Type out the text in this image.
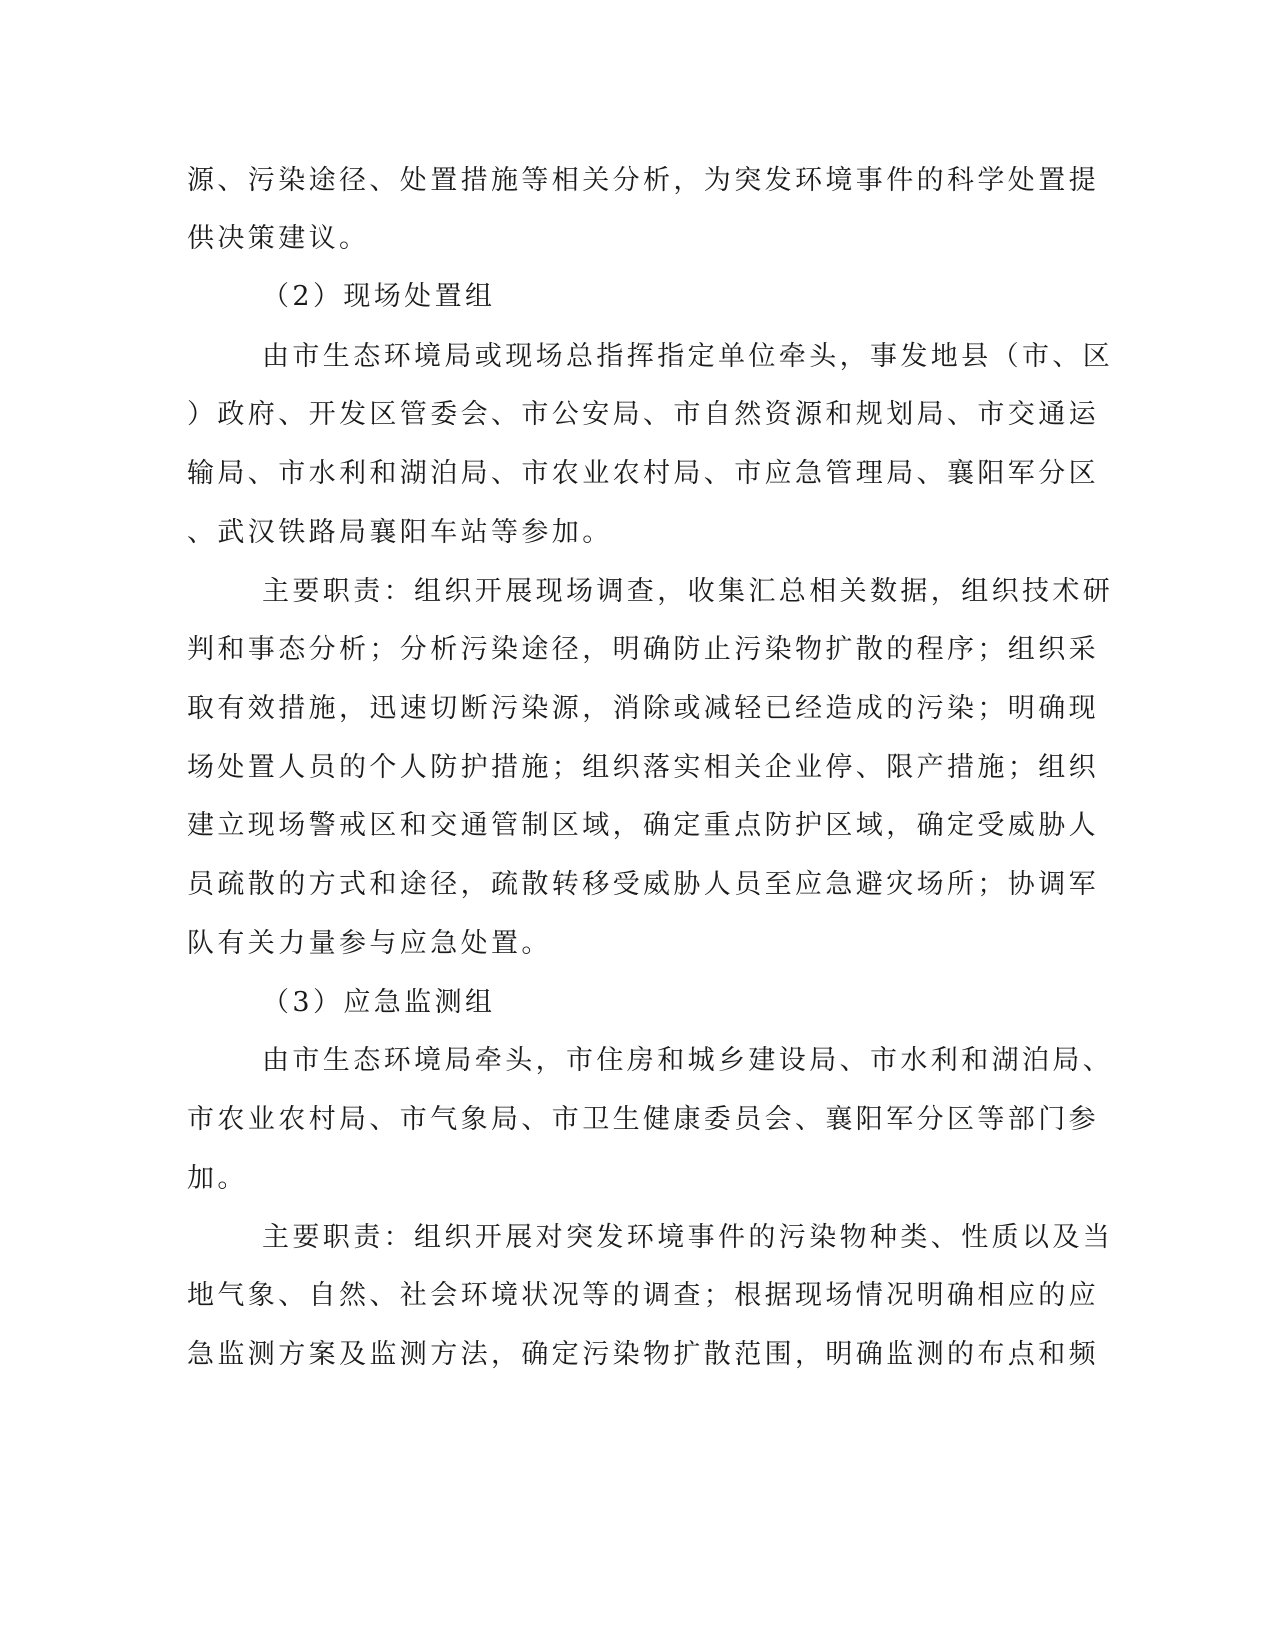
源、污染途径、处置措施等相关分析，为突发环境事件的科学处置提

供决策建议。

（2）现场处置组

由市生态环境局或现场总指挥指定单位牵头，事发地县（市、区

）政府、开发区管委会、市公安局、市自然资源和规划局、市交通运

输局、市水利和湖泊局、市农业农村局、市应急管理局、襄阳军分区

、武汉铁路局襄阳车站等参加。

主要职责：组织开展现场调查，收集汇总相关数据，组织技术研

判和事态分析；分析污染途径，明确防止污染物扩散的程序；组织采

取有效措施，迅速切断污染源，消除或减轻已经造成的污染；明确现

场处置人员的个人防护措施；组织落实相关企业停、限产措施；组织

建立现场警戒区和交通管制区域，确定重点防护区域，确定受威胁人

员疏散的方式和途径，疏散转移受威胁人员至应急避灾场所；协调军

队有关力量参与应急处置。

（3）应急监测组

由市生态环境局牵头，市住房和城乡建设局、市水利和湖泊局、

市农业农村局、市气象局、市卫生健康委员会、襄阳军分区等部门参

加。

主要职责：组织开展对突发环境事件的污染物种类、性质以及当

地气象、自然、社会环境状况等的调查；根据现场情况明确相应的应

急监测方案及监测方法，确定污染物扩散范围，明确监测的布点和频
